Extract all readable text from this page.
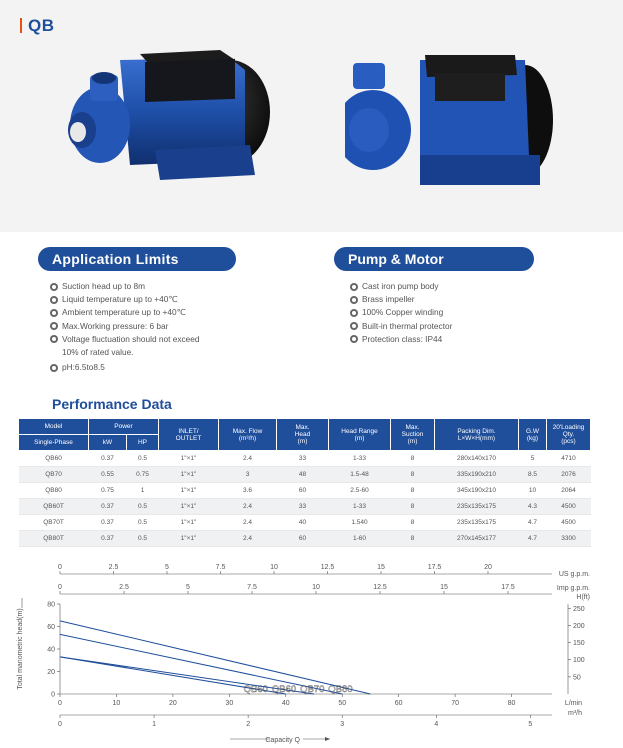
QB
Application Limits	Pump & Motor
Suction head up to 8m
Liquid temperature up to +40℃
Ambient temperature up to +40℃
Max.Working pressure: 6 bar
Voltage fluctuation should not exceed
10% of rated value.
pH:6.5to8.5
Cast iron pump body
Brass impeller
100% Copper winding
Built-in thermal protector
Protection class: IP44
Performance Data
Model	Power		INLET/
OUTLET	Max. Flow
(m³/h)	Max.
Head
(m)	Head Range
(m)	Max.
Suction
(m)	Packing Dim.
L×W×H(mm)	G.W
(kg)	20'Loading
Qty.
(pcs)

Single-Phase	kW	HP								

QB60	0.37	0.5	1"×1"	2.4	33	1-33	8	280x140x170	5	4710
QB70	0.55	0.75	1"×1"	3	48	1.5-48	8	335x190x210	8.5	2076
QB80	0.75	1	1"×1"	3.6	60	2.5-60	8	345x190x210	10	2064
QB60T	0.37	0.5	1"×1"	2.4	33	1-33	8	235x135x175	4.3	4500
QB70T	0.37	0.5	1"×1"	2.4	40	1.540	8	235x135x175	4.7	4500
QB80T	0.37	0.5	1"×1"	2.4	60	1-60	8	270x145x177	4.7	3300
0	2.5	5	7.5	10	12.5	15	17.5	20
US g.p.m.
0	2.5	5	7.5	10	12.5	15	17.5	Imp g.p.m.
H(ft)
0
20
40
60
80
50
100
150
200
250
0	10	20	30	40	50	60	70	80	L/min
0	1	2	3	4	5
m³/h
Capacity Q
Total manometric head(m)	QB60 QB60 QB70 QB80
